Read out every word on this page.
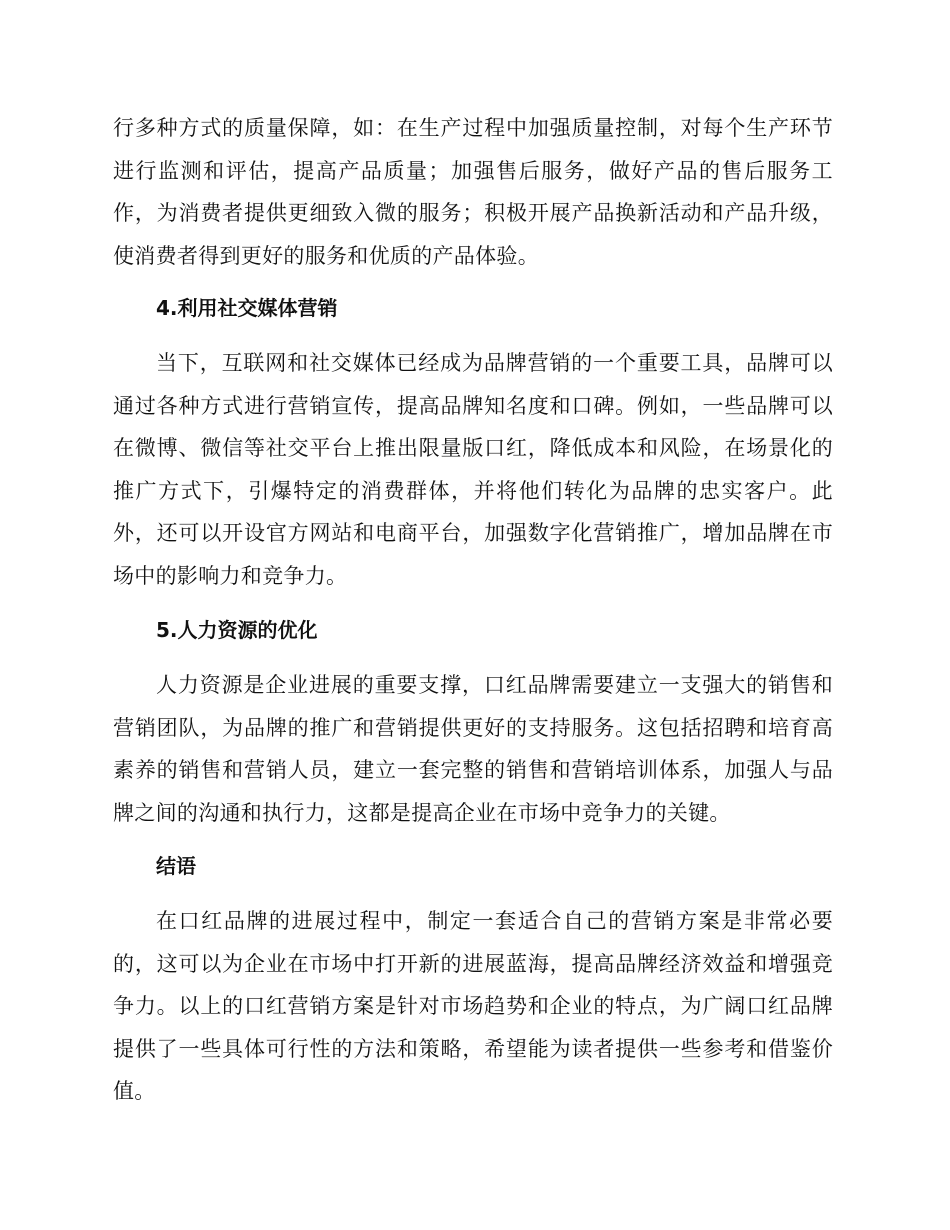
行多种方式的质量保障，如：在生产过程中加强质量控制，对每个生产环节进行监测和评估，提高产品质量；加强售后服务，做好产品的售后服务工作，为消费者提供更细致入微的服务；积极开展产品换新活动和产品升级，使消费者得到更好的服务和优质的产品体验。

4.利用社交媒体营销

当下，互联网和社交媒体已经成为品牌营销的一个重要工具，品牌可以通过各种方式进行营销宣传，提高品牌知名度和口碑。例如，一些品牌可以在微博、微信等社交平台上推出限量版口红，降低成本和风险，在场景化的推广方式下，引爆特定的消费群体，并将他们转化为品牌的忠实客户。此外，还可以开设官方网站和电商平台，加强数字化营销推广，增加品牌在市场中的影响力和竞争力。

5.人力资源的优化

人力资源是企业进展的重要支撑，口红品牌需要建立一支强大的销售和营销团队，为品牌的推广和营销提供更好的支持服务。这包括招聘和培育高素养的销售和营销人员，建立一套完整的销售和营销培训体系，加强人与品牌之间的沟通和执行力，这都是提高企业在市场中竞争力的关键。

结语

在口红品牌的进展过程中，制定一套适合自己的营销方案是非常必要的，这可以为企业在市场中打开新的进展蓝海，提高品牌经济效益和增强竞争力。以上的口红营销方案是针对市场趋势和企业的特点，为广阔口红品牌提供了一些具体可行性的方法和策略，希望能为读者提供一些参考和借鉴价值。
